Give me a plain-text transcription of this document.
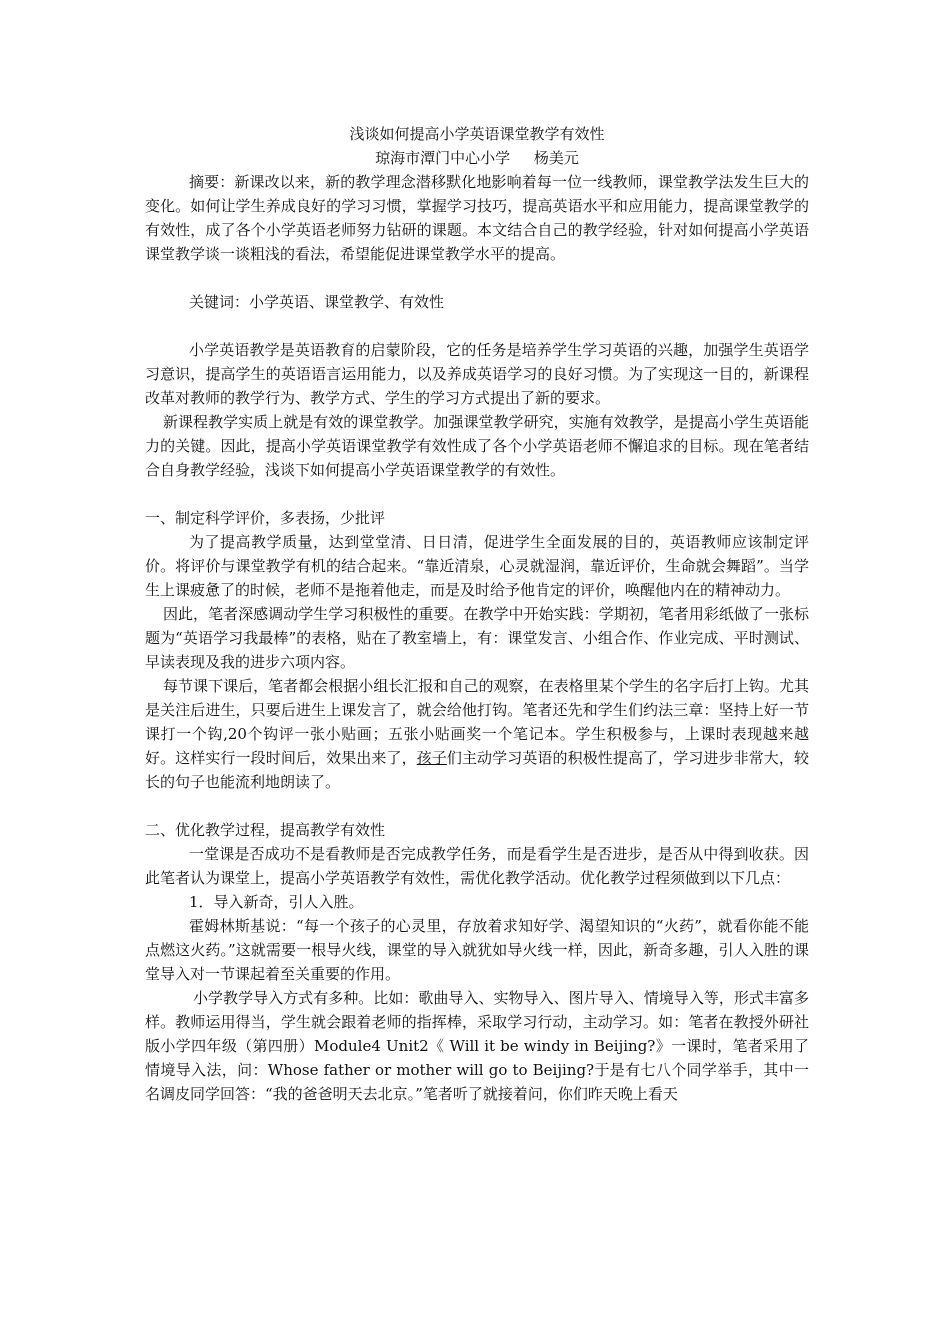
浅谈如何提高小学英语课堂教学有效性

琼海市潭门中心小学     杨美元

摘要：新课改以来，新的教学理念潜移默化地影响着每一位一线教师，课堂教学法发生巨大的变化。如何让学生养成良好的学习习惯，掌握学习技巧，提高英语水平和应用能力，提高课堂教学的有效性，成了各个小学英语老师努力钻研的课题。本文结合自己的教学经验，针对如何提高小学英语课堂教学谈一谈粗浅的看法，希望能促进课堂教学水平的提高。

关键词：小学英语、课堂教学、有效性

小学英语教学是英语教育的启蒙阶段，它的任务是培养学生学习英语的兴趣，加强学生英语学习意识，提高学生的英语语言运用能力，以及养成英语学习的良好习惯。为了实现这一目的，新课程改革对教师的教学行为、教学方式、学生的学习方式提出了新的要求。

新课程教学实质上就是有效的课堂教学。加强课堂教学研究，实施有效教学，是提高小学生英语能力的关键。因此，提高小学英语课堂教学有效性成了各个小学英语老师不懈追求的目标。现在笔者结合自身教学经验，浅谈下如何提高小学英语课堂教学的有效性。

一、制定科学评价，多表扬，少批评

为了提高教学质量，达到堂堂清、日日清，促进学生全面发展的目的，英语教师应该制定评价。将评价与课堂教学有机的结合起来。“靠近清泉，心灵就湿润，靠近评价，生命就会舞蹈”。当学生上课疲惫了的时候，老师不是拖着他走，而是及时给予他肯定的评价，唤醒他内在的精神动力。

因此，笔者深感调动学生学习积极性的重要。在教学中开始实践：学期初，笔者用彩纸做了一张标题为“英语学习我最棒”的表格，贴在了教室墙上，有：课堂发言、小组合作、作业完成、平时测试、早读表现及我的进步六项内容。

每节课下课后，笔者都会根据小组长汇报和自己的观察，在表格里某个学生的名字后打上钩。尤其是关注后进生，只要后进生上课发言了，就会给他打钩。笔者还先和学生们约法三章：坚持上好一节课打一个钩,20个钩评一张小贴画；五张小贴画奖一个笔记本。学生积极参与，上课时表现越来越好。这样实行一段时间后，效果出来了，孩子们主动学习英语的积极性提高了，学习进步非常大，较长的句子也能流利地朗读了。

二、优化教学过程，提高教学有效性

一堂课是否成功不是看教师是否完成教学任务，而是看学生是否进步，是否从中得到收获。因此笔者认为课堂上，提高小学英语教学有效性，需优化教学活动。优化教学过程须做到以下几点：

1．导入新奇，引人入胜。

霍姆林斯基说：“每一个孩子的心灵里，存放着求知好学、渴望知识的“火药”，就看你能不能点燃这火药。”这就需要一根导火线，课堂的导入就犹如导火线一样，因此，新奇多趣，引人入胜的课堂导入对一节课起着至关重要的作用。

小学教学导入方式有多种。比如：歌曲导入、实物导入、图片导入、情境导入等，形式丰富多样。教师运用得当，学生就会跟着老师的指挥棒，采取学习行动，主动学习。如：笔者在教授外研社版小学四年级（第四册）Module4 Unit2《 Will it be windy in Beijing?》一课时，笔者采用了情境导入法，问：Whose father or mother will go to Beijing?于是有七八个同学举手，其中一名调皮同学回答：“我的爸爸明天去北京。”笔者听了就接着问，你们昨天晚上看天
